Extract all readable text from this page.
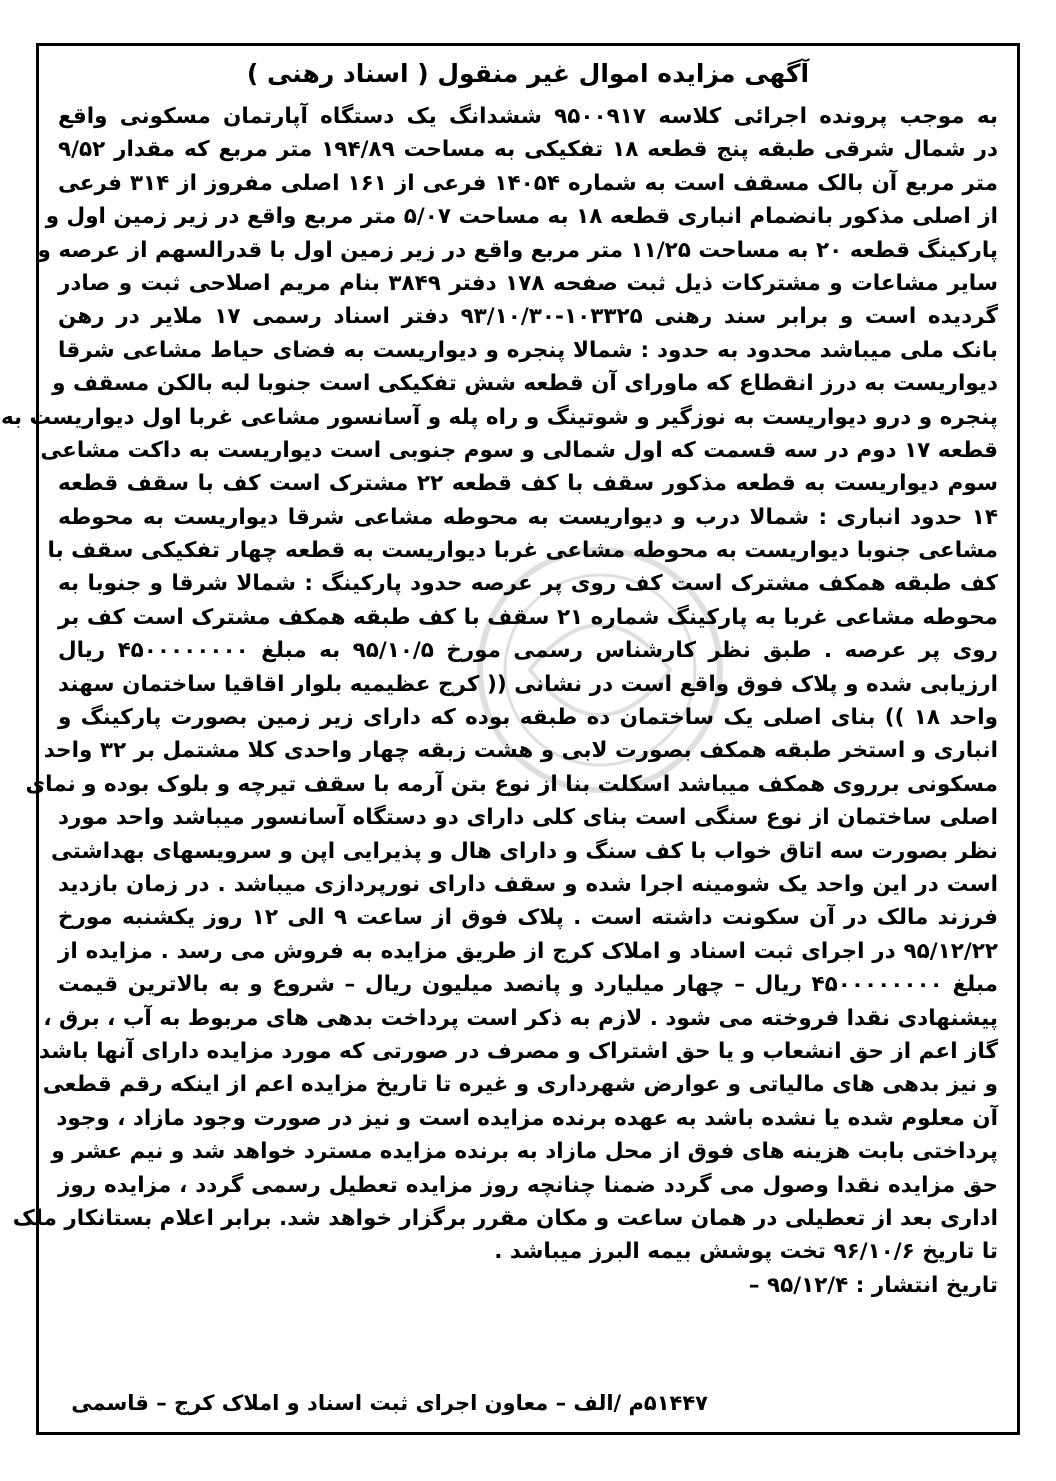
آگهی مزایده اموال غیر منقول ( اسناد رهنی )
به موجب پرونده اجرائی کلاسه ۹۵۰۰۹۱۷ ششدانگ یک دستگاه آپارتمان مسکونی واقع
در شمال شرقی طبقه پنج قطعه ۱۸ تفکیکی به مساحت ۱۹۴/۸۹ متر مربع که مقدار ۹/۵۲
متر مربع آن بالک مسقف است به شماره ۱۴۰۵۴ فرعی از ۱۶۱ اصلی مفروز از ۳۱۴ فرعی
از اصلی مذکور بانضمام انباری قطعه ۱۸ به مساحت ۵/۰۷ متر مربع واقع در زیر زمین اول و
پارکینگ قطعه ۲۰ به مساحت ۱۱/۲۵ متر مربع واقع در زیر زمین اول با قدرالسهم از عرصه و
سایر مشاعات و مشترکات ذیل ثبت صفحه ۱۷۸ دفتر ۳۸۴۹ بنام مریم اصلاحی ثبت و صادر
گردیده است و برابر سند رهنی ۱۰۳۳۲۵-۹۳/۱۰/۳۰ دفتر اسناد رسمی ۱۷ ملایر در رهن
بانک ملی میباشد محدود به حدود : شمالا پنجره و دیواریست به فضای حیاط مشاعی شرقا
دیواریست به درز انقطاع که ماورای آن قطعه شش تفکیکی است جنوبا لبه بالکن مسقف و
پنجره و درو دیواریست به نوزگیر و شوتینگ و راه پله و آسانسور مشاعی غربا اول دیواریست به
قطعه ۱۷ دوم در سه قسمت که اول شمالی و سوم جنوبی است دیواریست به داکت مشاعی
سوم دیواریست به قطعه مذکور سقف با کف قطعه ۲۲ مشترک است کف با سقف قطعه
۱۴ حدود انباری : شمالا درب و دیواریست به محوطه مشاعی شرقا دیواریست به محوطه
مشاعی جنوبا دیواریست به محوطه مشاعی غربا دیواریست به قطعه چهار تفکیکی سقف با
کف طبقه همکف مشترک است کف روی پر عرصه حدود پارکینگ : شمالا شرقا و جنوبا به
محوطه مشاعی غربا به پارکینگ شماره ۲۱ سقف با کف طبقه همکف مشترک است کف بر
روی پر عرصه . طبق نظر کارشناس رسمی مورخ ۹۵/۱۰/۵ به مبلغ ۴۵۰۰۰۰۰۰۰۰ ریال
ارزیابی شده و پلاک فوق واقع است در نشانی (( کرج عظیمیه بلوار اقاقیا ساختمان سهند
واحد ۱۸ )) بنای اصلی یک ساختمان ده طبقه بوده که دارای زیر زمین بصورت پارکینگ و
انباری و استخر طبقه همکف بصورت لابی و هشت زبقه چهار واحدی کلا مشتمل بر ۳۲ واحد
مسکونی برروی همکف میباشد اسکلت بنا از نوع بتن آرمه با سقف تیرچه و بلوک بوده و نمای
اصلی ساختمان از نوع سنگی است بنای کلی دارای دو دستگاه آسانسور میباشد واحد مورد
نظر بصورت سه اتاق خواب با کف سنگ و دارای هال و پذیرایی اپن و سرویسهای بهداشتی
است در این واحد یک شومینه اجرا شده و سقف دارای نورپردازی میباشد . در زمان بازدید
فرزند مالک در آن سکونت داشته است . پلاک فوق از ساعت ۹ الی ۱۲ روز یکشنبه مورخ
۹۵/۱۲/۲۲ در اجرای ثبت اسناد و املاک کرج از طریق مزایده به فروش می رسد . مزایده از
مبلغ ۴۵۰۰۰۰۰۰۰۰ ریال – چهار میلیارد و پانصد میلیون ریال – شروع و به بالاترین قیمت
پیشنهادی نقدا فروخته می شود . لازم به ذکر است پرداخت بدهی های مربوط به آب ، برق ،
گاز اعم از حق انشعاب و یا حق اشتراک و مصرف در صورتی که مورد مزایده دارای آنها باشد
و نیز بدهی های مالیاتی و عوارض شهرداری و غیره تا تاریخ مزایده اعم از اینکه رقم قطعی
آن معلوم شده یا نشده باشد به عهده برنده مزایده است و نیز در صورت وجود مازاد ، وجود
پرداختی بابت هزینه های فوق از محل مازاد به برنده مزایده مسترد خواهد شد و نیم عشر و
حق مزایده نقدا وصول می گردد ضمنا چنانچه روز مزایده تعطیل رسمی گردد ، مزایده روز
اداری بعد از تعطیلی در همان ساعت و مکان مقرر برگزار خواهد شد. برابر اعلام بستانکار ملک
تا تاریخ ۹۶/۱۰/۶ تخت پوشش بیمه البرز میباشد .
تاریخ انتشار : ۹۵/۱۲/۴ –
۵۱۴۴۷م /الف – معاون اجرای ثبت اسناد و املاک کرج – قاسمی
